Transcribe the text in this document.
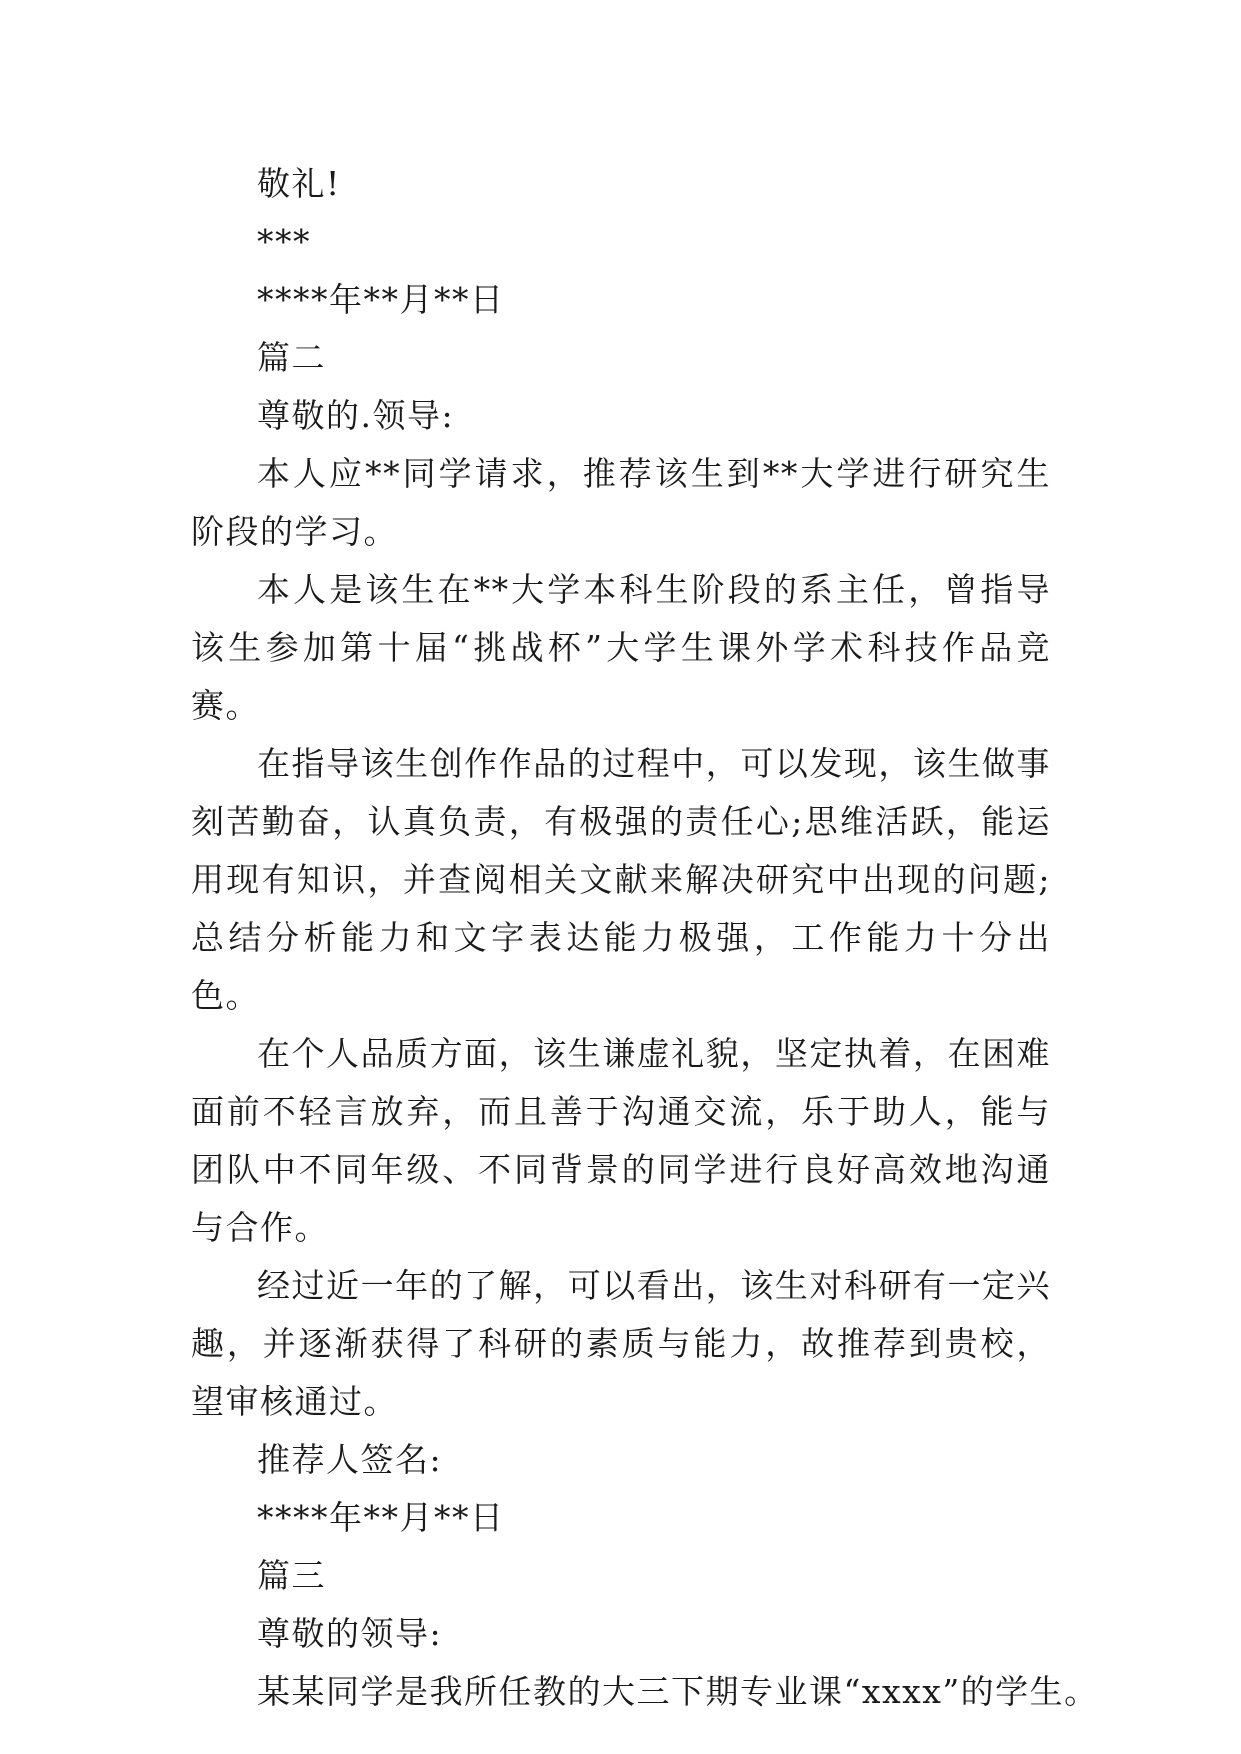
敬礼!
***
****年**月**日
篇二
尊敬的.领导:

本人应**同学请求，推荐该生到**大学进行研究生阶段的学习。

本人是该生在**大学本科生阶段的系主任，曾指导该生参加第十届“挑战杯”大学生课外学术科技作品竞赛。

在指导该生创作作品的过程中，可以发现，该生做事刻苦勤奋，认真负责，有极强的责任心;思维活跃，能运用现有知识，并查阅相关文献来解决研究中出现的问题;总结分析能力和文字表达能力极强，工作能力十分出色。

在个人品质方面，该生谦虚礼貌，坚定执着，在困难面前不轻言放弃，而且善于沟通交流，乐于助人，能与团队中不同年级、不同背景的同学进行良好高效地沟通与合作。

经过近一年的了解，可以看出，该生对科研有一定兴趣，并逐渐获得了科研的素质与能力，故推荐到贵校，望审核通过。

推荐人签名:
****年**月**日
篇三
尊敬的领导:
某某同学是我所任教的大三下期专业课“xxxx”的学生。
